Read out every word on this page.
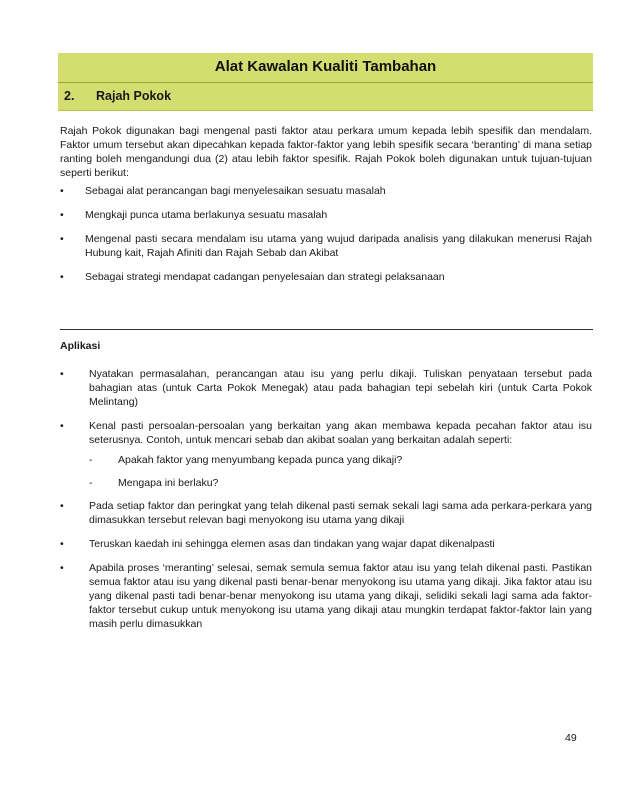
Alat Kawalan Kualiti Tambahan
2. Rajah Pokok

Rajah Pokok digunakan bagi mengenal pasti faktor atau perkara umum kepada lebih spesifik dan mendalam. Faktor umum tersebut akan dipecahkan kepada faktor-faktor yang lebih spesifik secara ‘beranting’ di mana setiap ranting boleh mengandungi dua (2) atau lebih faktor spesifik. Rajah Pokok boleh digunakan untuk tujuan-tujuan seperti berikut:

• Sebagai alat perancangan bagi menyelesaikan sesuatu masalah
• Mengkaji punca utama berlakunya sesuatu masalah
• Mengenal pasti secara mendalam isu utama yang wujud daripada analisis yang dilakukan menerusi Rajah Hubung kait, Rajah Afiniti dan Rajah Sebab dan Akibat
• Sebagai strategi mendapat cadangan penyelesaian dan strategi pelaksanaan
Aplikasi
• Nyatakan permasalahan, perancangan atau isu yang perlu dikaji. Tuliskan penyataan tersebut pada bahagian atas (untuk Carta Pokok Menegak) atau pada bahagian tepi sebelah kiri (untuk Carta Pokok Melintang)
• Kenal pasti persoalan-persoalan yang berkaitan yang akan membawa kepada pecahan faktor atau isu seterusnya. Contoh, untuk mencari sebab dan akibat soalan yang berkaitan adalah seperti:
- Apakah faktor yang menyumbang kepada punca yang dikaji?
- Mengapa ini berlaku?
• Pada setiap faktor dan peringkat yang telah dikenal pasti semak sekali lagi sama ada perkara-perkara yang dimasukkan tersebut relevan bagi menyokong isu utama yang dikaji
• Teruskan kaedah ini sehingga elemen asas dan tindakan yang wajar dapat dikenalpasti
• Apabila proses ‘meranting’ selesai, semak semula semua faktor atau isu yang telah dikenal pasti. Pastikan semua faktor atau isu yang dikenal pasti benar-benar menyokong isu utama yang dikaji. Jika faktor atau isu yang dikenal pasti tadi benar-benar menyokong isu utama yang dikaji, selidiki sekali lagi sama ada faktor-faktor tersebut cukup untuk menyokong isu utama yang dikaji atau mungkin terdapat faktor-faktor lain yang masih perlu dimasukkan
49
